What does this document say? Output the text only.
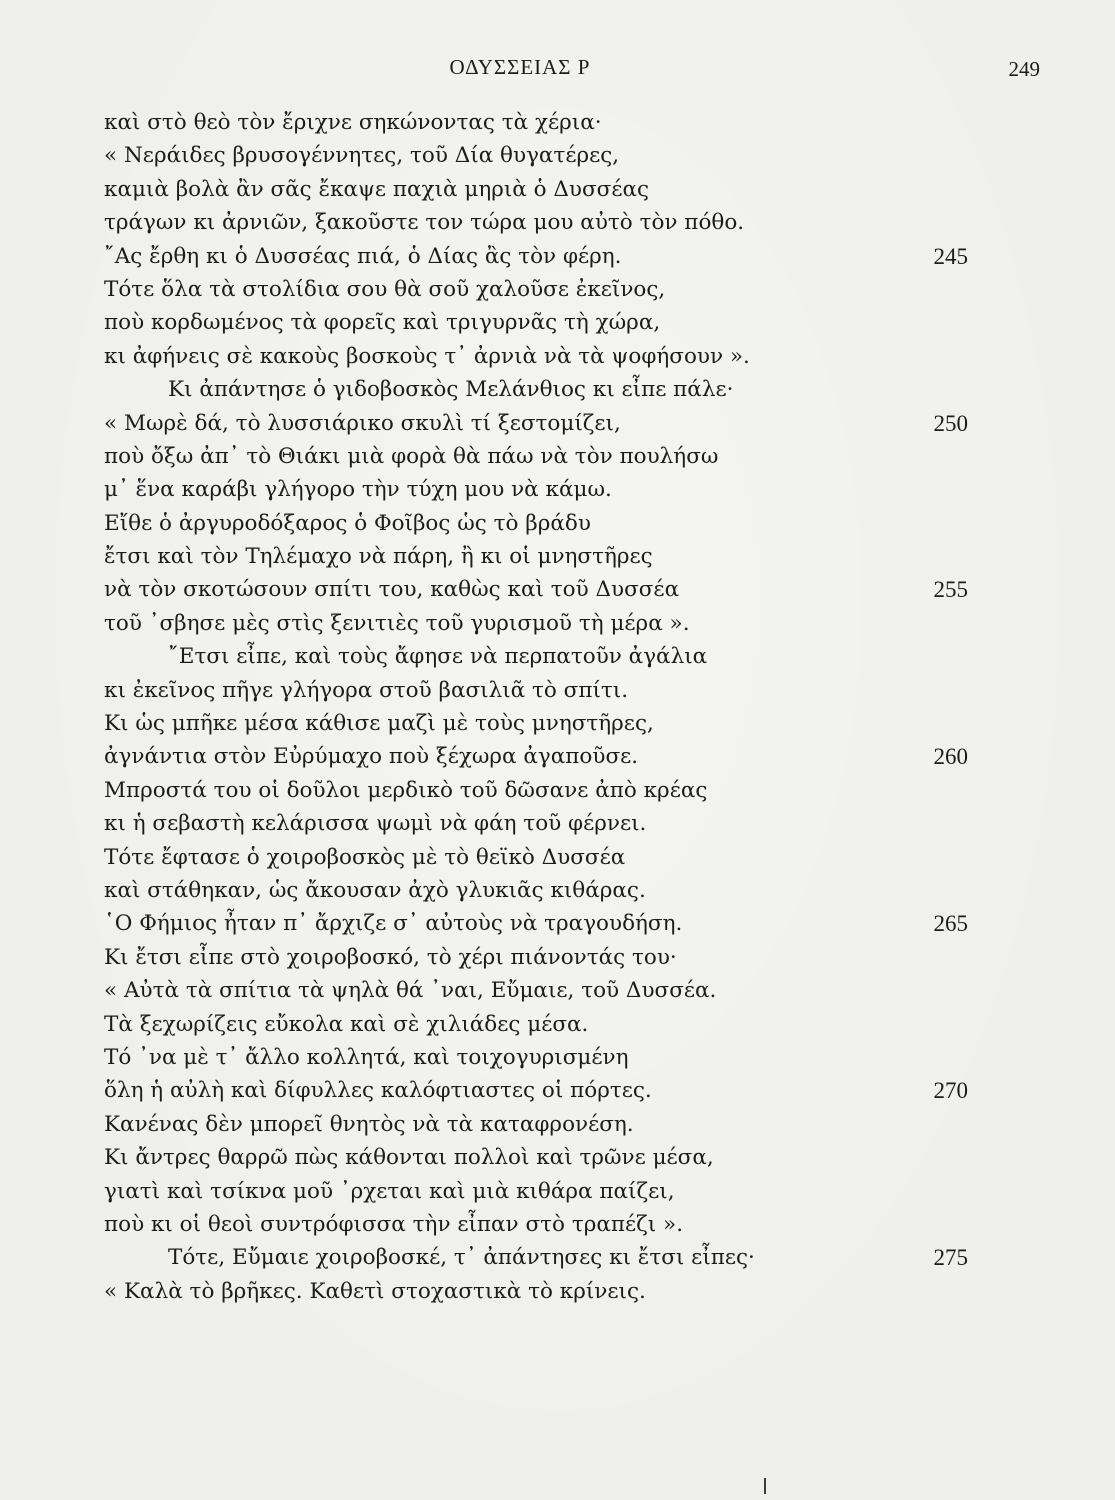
ΟΔΥΣΣΕΙΑΣ Ρ	249
καὶ στὸ θεὸ τὸν ἔριχνε σηκώνοντας τὰ χέρια·
« Νεράιδες βρυσογέννητες, τοῦ Δία θυγατέρες,
καμιὰ βολὰ ἂν σᾶς ἔκαψε παχιὰ μηριὰ ὁ Δυσσέας
τράγων κι ἀρνιῶν, ξακοῦστε τον τώρα μου αὐτὸ τὸν πόθο.
῎Ας ἔρθη κι ὁ Δυσσέας πιά, ὁ Δίας ἂς τὸν φέρη.	245
Τότε ὅλα τὰ στολίδια σου θὰ σοῦ χαλοῦσε ἐκεῖνος,
ποὺ κορδωμένος τὰ φορεῖς καὶ τριγυρνᾶς τὴ χώρα,
κι ἀφήνεις σὲ κακοὺς βοσκοὺς τ᾽ ἀρνιὰ νὰ τὰ ψοφήσουν ».
Κι ἀπάντησε ὁ γιδοβοσκὸς Μελάνθιος κι εἶπε πάλε·
« Μωρὲ δά, τὸ λυσσιάρικο σκυλὶ τί ξεστομίζει,	250
ποὺ ὄξω ἀπ᾽ τὸ Θιάκι μιὰ φορὰ θὰ πάω νὰ τὸν πουλήσω
μ᾽ ἕνα καράβι γλήγορο τὴν τύχη μου νὰ κάμω.
Εἴθε ὁ ἀργυροδόξαρος ὁ Φοῖβος ὡς τὸ βράδυ
ἔτσι καὶ τὸν Τηλέμαχο νὰ πάρη, ἢ κι οἱ μνηστῆρες
νὰ τὸν σκοτώσουν σπίτι του, καθὼς καὶ τοῦ Δυσσέα	255
τοῦ ᾽σβησε μὲς στὶς ξενιτιὲς τοῦ γυρισμοῦ τὴ μέρα ».
῎Ετσι εἶπε, καὶ τοὺς ἄφησε νὰ περπατοῦν ἀγάλια
κι ἐκεῖνος πῆγε γλήγορα στοῦ βασιλιᾶ τὸ σπίτι.
Κι ὡς μπῆκε μέσα κάθισε μαζὶ μὲ τοὺς μνηστῆρες,
ἀγνάντια στὸν Εὐρύμαχο ποὺ ξέχωρα ἀγαποῦσε.	260
Μπροστά του οἱ δοῦλοι μερδικὸ τοῦ δῶσανε ἀπὸ κρέας
κι ἡ σεβαστὴ κελάρισσα ψωμὶ νὰ φάη τοῦ φέρνει.
Τότε ἔφτασε ὁ χοιροβοσκὸς μὲ τὸ θεϊκὸ Δυσσέα
καὶ στάθηκαν, ὡς ἄκουσαν ἀχὸ γλυκιᾶς κιθάρας.
῾Ο Φήμιος ἦταν π᾽ ἄρχιζε σ᾽ αὐτοὺς νὰ τραγουδήση.	265
Κι ἔτσι εἶπε στὸ χοιροβοσκό, τὸ χέρι πιάνοντάς του·
« Αὐτὰ τὰ σπίτια τὰ ψηλὰ θά ᾽ναι, Εὔμαιε, τοῦ Δυσσέα.
Τὰ ξεχωρίζεις εὔκολα καὶ σὲ χιλιάδες μέσα.
Τό ᾽να μὲ τ᾽ ἄλλο κολλητά, καὶ τοιχογυρισμένη
ὅλη ἡ αὐλὴ καὶ δίφυλλες καλόφτιαστες οἱ πόρτες.	270
Κανένας δὲν μπορεῖ θνητὸς νὰ τὰ καταφρονέση.
Κι ἄντρες θαρρῶ πὼς κάθονται πολλοὶ καὶ τρῶνε μέσα,
γιατὶ καὶ τσίκνα μοῦ ᾽ρχεται καὶ μιὰ κιθάρα παίζει,
ποὺ κι οἱ θεοὶ συντρόφισσα τὴν εἶπαν στὸ τραπέζι ».
Τότε, Εὔμαιε χοιροβοσκέ, τ᾽ ἀπάντησες κι ἔτσι εἶπες·	275
« Καλὰ τὸ βρῆκες. Καθετὶ στοχαστικὰ τὸ κρίνεις.
